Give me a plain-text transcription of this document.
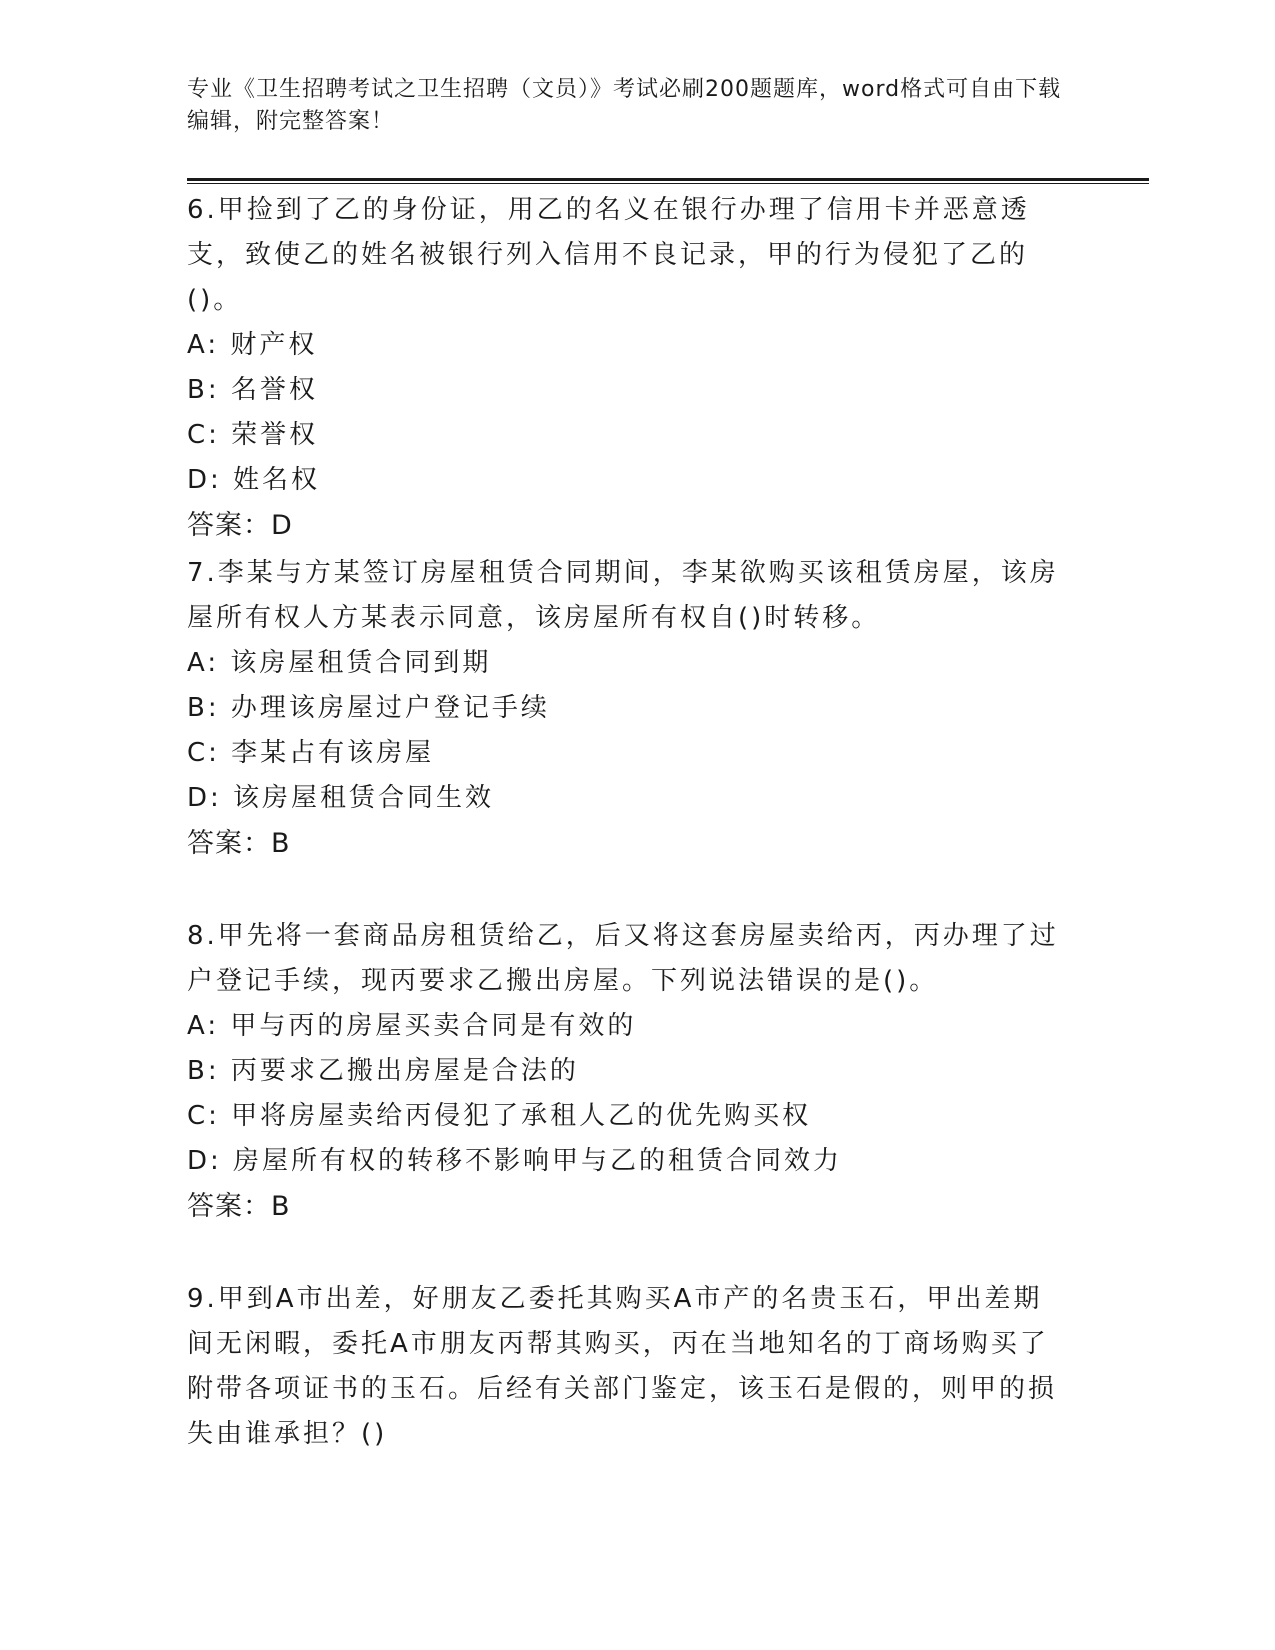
专业《卫生招聘考试之卫生招聘（文员）》考试必刷200题题库，word格式可自由下载编辑，附完整答案！

6.甲捡到了乙的身份证，用乙的名义在银行办理了信用卡并恶意透支，致使乙的姓名被银行列入信用不良记录，甲的行为侵犯了乙的()。

A: 财产权

B: 名誉权

C: 荣誉权

D: 姓名权

答案：D

7.李某与方某签订房屋租赁合同期间，李某欲购买该租赁房屋，该房屋所有权人方某表示同意，该房屋所有权自()时转移。

A: 该房屋租赁合同到期

B: 办理该房屋过户登记手续

C: 李某占有该房屋

D: 该房屋租赁合同生效

答案：B

8.甲先将一套商品房租赁给乙，后又将这套房屋卖给丙，丙办理了过户登记手续，现丙要求乙搬出房屋。下列说法错误的是()。

A: 甲与丙的房屋买卖合同是有效的

B: 丙要求乙搬出房屋是合法的

C: 甲将房屋卖给丙侵犯了承租人乙的优先购买权

D: 房屋所有权的转移不影响甲与乙的租赁合同效力

答案：B

9.甲到A市出差，好朋友乙委托其购买A市产的名贵玉石，甲出差期间无闲暇，委托A市朋友丙帮其购买，丙在当地知名的丁商场购买了附带各项证书的玉石。后经有关部门鉴定，该玉石是假的，则甲的损失由谁承担？()
